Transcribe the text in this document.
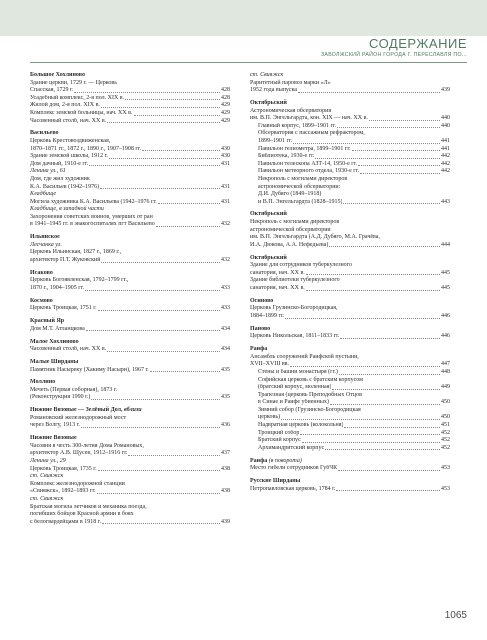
СОДЕРЖАНИЕ
ЗАВОЛЖСКИЙ РАЙОН ГОРОДА Г. ПЕРЕСЛАВЛЯ ПО...
Большое Хохлиново
Здание церкви, 1729 г. — Церковь
Спасская, 1729 г.	428
Усадебный комплекс, 2-я пол. XIX в.	428
Жилой дом, 2-я пол. XIX в.	429
Комплекс земской больницы, нач. XX в.	429
Часовенный столб, нач. XX в.	429
Васильево
Церковь Крестовоздвиженская,
1870–1871 гг., 1872 г., 1890 г., 1907–1908 гг.	430
Здание земской школы, 1912 г.	430
Дом дачный, 1910-е гг.	431
Ленина ул., 61
Дом, где жил художник
К.А. Васильев (1942–1976)	431
Кладбище
Могила художника К.А. Васильева (1942–1976 гг.	431
Кладбище, в западной части
Захоронения советских воинов, умерших от ран
в 1941–1945 гг. в эвакогоспиталях пгт Васильево	432
Ильинское
Лесчанка ул.
Церковь Ильинская, 1827 г., 1869 г.,
архитектор П.Т. Жуковский	432
Исаково
Церковь Богоявленская, 1792–1799 гг.,
1870 г., 1904–1905 гг.	433
Космово
Церковь Троицкая, 1751 г.	433
Красный Яр
Дом М.Т. Атланцкова	434
Малое Хохлиново
Часовенный столб, нач. XX в.	434
Малые Ширданы
Памятник Насыреку (Хакиму Насыри), 1967 г.	435
Моллино
Мечеть (Первая соборная), 1873 г.
(Реконструкция 1990 г.)	435
Нижние Вязовые — Зелёный Дол, вблизи
Романовский железнодорожный мост
через Волгу, 1913 г.	436
Нижние Вязовые
Часовня в честь 300-летия Дома Романовых,
архитектор А.В. Щусев, 1912–1916 гг.	437
Ленина ул., 29
Церковь Троицкая, 1735 г.	438
ст. Свияжск
Комплекс железнодорожной станции
«Свияжск», 1892–1893 гг.	438
ст. Свияжск
Братская могила летчиков и механика поезда,
погибших бойцов Красной армии в боях
с белогвардейцами в 1918 г.	439
ст. Свияжск
Раритетный паровоз марки «Л»
1952 года выпуска	439
Октябрьский
Астрономическая обсерватория
им. В.П. Энгельгардта, кон. XIX — нач. XX в.	440
Главный корпус, 1899–1901 гг.	440
Обсерватория с пассажным рефрактором,
1899–1901 гг.	441
Павильон гелиометра, 1899–1901 гг.	441
Библиотека, 1930-е гг.	442
Павильон телескопа АЗТ-14, 1950-е гг.	442
Павильон метеорного отдела, 1930-е гг.	442
Некрополь с могилами директоров
астрономической обсерватории:
Д.И. Дубяго (1849–1918)
и В.П. Энгельгардта (1828–1915)	443
Октябрьский
Некрополь с могилами директоров
астрономической обсерватории
им. В.П. Энгельгардта (А.Д. Дубяго, М.А. Грачёва,
И.А. Дюкова, А.А. Нефедьева)	444
Октябрьский
Здание для сотрудников туберкулезного
санатория, нач. XX в.	445
Здание библиотеки туберкулезного
санатория, нач. XX в.	445
Осиново
Церковь Грузинско-Богородицкая,
1884–1899 гг.	446
Паново
Церковь Никольская, 1811–1833 гг.	446
Раифа
Ансамбль сооружений Раифской пустыни,
XVII–XVIII вв.	447
Стены и башни монастыря (гг.)	448
Софийская церковь с братским корпусом
(братский корпус, моленная)	449
Трапезная (церковь Преподобных Отцов
в Синае и Раифе убиенных)	450
Зимний собор (Грузинско-Богородицкая
церковь)	450
Надвратная церковь (колокольня)	451
Троицкий собор	452
Братский корпус	452
Архимандритский корпус	452
Раифа (в поворота)
Место гибели сотрудников ГубЧК	453
Русские Ширданы
Петропавловская церковь, 1784 г.	453
1065
